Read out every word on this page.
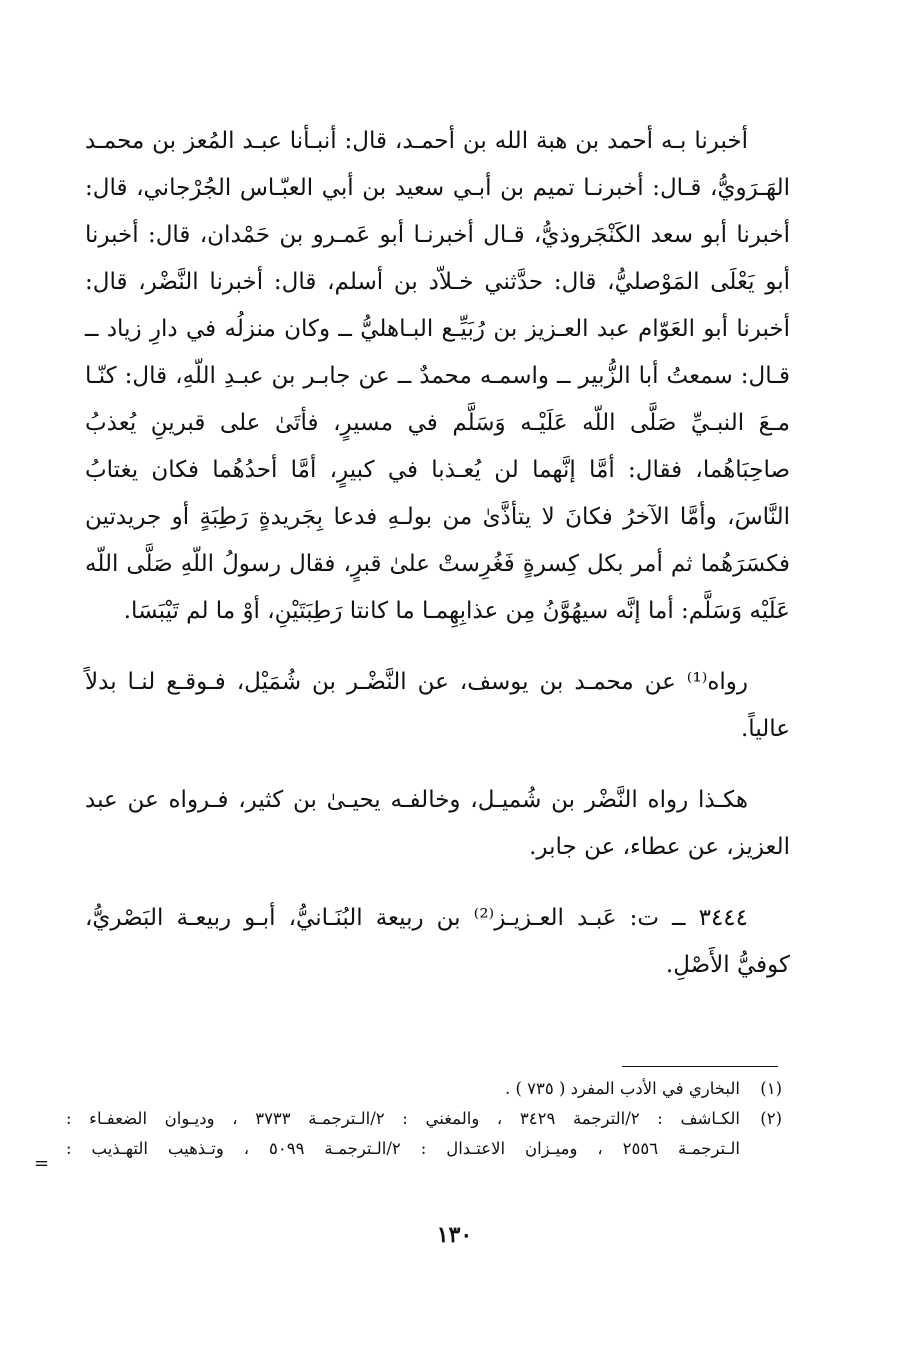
أخبرنا بـه أحمد بن هبة الله بن أحمـد، قال: أنبـأنا عبـد المُعز بن محمـد الهَـرَويُّ، قـال: أخبرنـا تميم بن أبـي سعيد بن أبي العبّـاس الجُرْجاني، قال: أخبرنا أبو سعد الكَنْجَروذيُّ، قـال أخبرنـا أبو عَمـرو بن حَمْدان، قال: أخبرنا أبو يَعْلَى المَوْصليُّ، قال: حدَّثني خـلاّد بن أسلم، قال: أخبرنا النَّضْر، قال: أخبرنا أبو العَوّام عبد العـزيز بن رُبَيِّـع البـاهليُّ ــ وكان منزلُه في دارِ زياد ــ قـال: سمعتُ أبا الزُّبير ــ واسمـه محمدٌ ــ عن جابـر بن عبـدِ اللّهِ، قال: كنّـا مـعَ النبـيِّ صَلَّى اللّه عَلَيْـه وَسَلَّم في مسيرٍ، فأتَىٰ على قبرينِ يُعذبُ صاحِبَاهُما، فقال: أمَّا إنَّهما لن يُعـذبا في كبيرٍ، أمَّا أحدُهُما فكان يغتابُ النَّاسَ، وأمَّا الآخرُ فكانَ لا يتأذَّىٰ من بولـهِ فدعا بِجَريدةٍ رَطِبَةٍ أو جريدتين فكسَرَهُما ثم أمر بكل كِسرةٍ فَغُرِستْ علىٰ قبرٍ، فقال رسولُ اللّهِ صَلَّى اللّه عَلَيْه وَسَلَّم: أما إنَّه سيهُوَّنُ مِن عذابِهِمـا ما كانتا رَطِبَتَيْنِ، أوْ ما لم تَيْبَسَا.

رواه⁽¹⁾ عن محمـد بن يوسف، عن النَّضْـر بن شُمَيْل، فـوقـع لنـا بدلاً عالياً.

هكـذا رواه النَّضْر بن شُميـل، وخالفـه يحيـىٰ بن كثير، فـرواه عن عبد العزيز، عن عطاء، عن جابر.

٣٤٤٤ ــ ت: عَبـد العـزيـز⁽²⁾ بن ربيعة البُنَـانيُّ، أبـو ربيعـة البَصْريُّ، كوفيُّ الأَصْلِ.

(١)
البخاري في الأدب المفرد ( ٧٣٥ ) .
(٢)
الكـاشف : ٢/الترجمة ٣٤٢٩ ، والمغني : ٢/الـترجمـة ٣٧٣٣ ، وديـوان الضعفـاء :
الـترجمـة ٢٥٥٦ ، وميـزان الاعتـدال : ٢/الـترجمـة ٥٠٩٩ ، وتـذهيب التهـذيب :
=
١٣٠
